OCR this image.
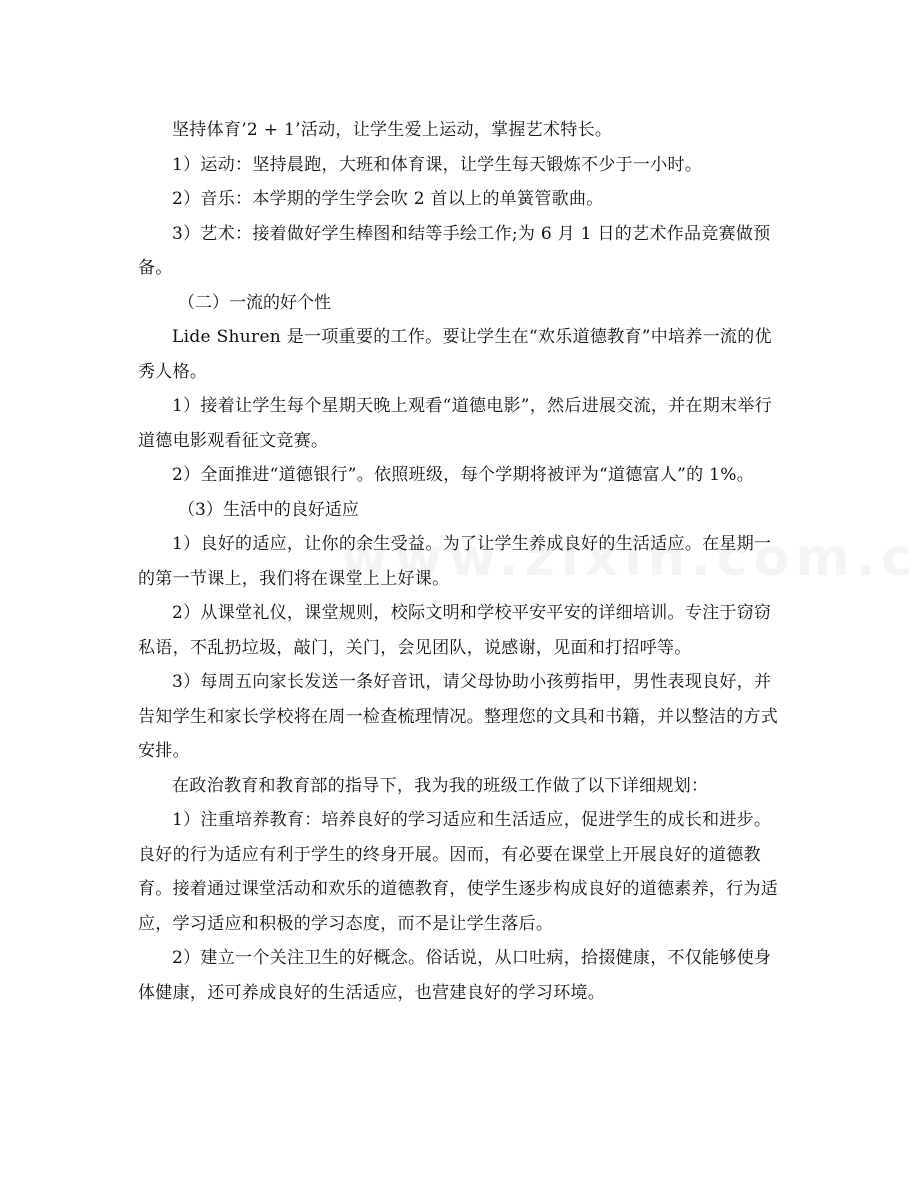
坚持体育’2 + 1’活动，让学生爱上运动，掌握艺术特长。

1）运动：坚持晨跑，大班和体育课，让学生每天锻炼不少于一小时。

2）音乐：本学期的学生学会吹 2 首以上的单簧管歌曲。

3）艺术：接着做好学生棒图和结等手绘工作;为 6 月 1 日的艺术作品竞赛做预备。

（二）一流的好个性

Lide Shuren 是一项重要的工作。要让学生在“欢乐道德教育”中培养一流的优秀人格。

1）接着让学生每个星期天晚上观看“道德电影”，然后进展交流，并在期末举行道德电影观看征文竞赛。

2）全面推进“道德银行”。依照班级，每个学期将被评为“道德富人”的 1%。

（3）生活中的良好适应

1）良好的适应，让你的余生受益。为了让学生养成良好的生活适应。在星期一的第一节课上，我们将在课堂上上好课。

2）从课堂礼仪，课堂规则，校际文明和学校平安平安的详细培训。专注于窃窃私语，不乱扔垃圾，敲门，关门，会见团队，说感谢，见面和打招呼等。

3）每周五向家长发送一条好音讯，请父母协助小孩剪指甲，男性表现良好，并告知学生和家长学校将在周一检查梳理情况。整理您的文具和书籍，并以整洁的方式安排。

在政治教育和教育部的指导下，我为我的班级工作做了以下详细规划：

1）注重培养教育：培养良好的学习适应和生活适应，促进学生的成长和进步。良好的行为适应有利于学生的终身开展。因而，有必要在课堂上开展良好的道德教育。接着通过课堂活动和欢乐的道德教育，使学生逐步构成良好的道德素养，行为适应，学习适应和积极的学习态度，而不是让学生落后。

2）建立一个关注卫生的好概念。俗话说，从口吐病，拾掇健康，不仅能够使身体健康，还可养成良好的生活适应，也营建良好的学习环境。
